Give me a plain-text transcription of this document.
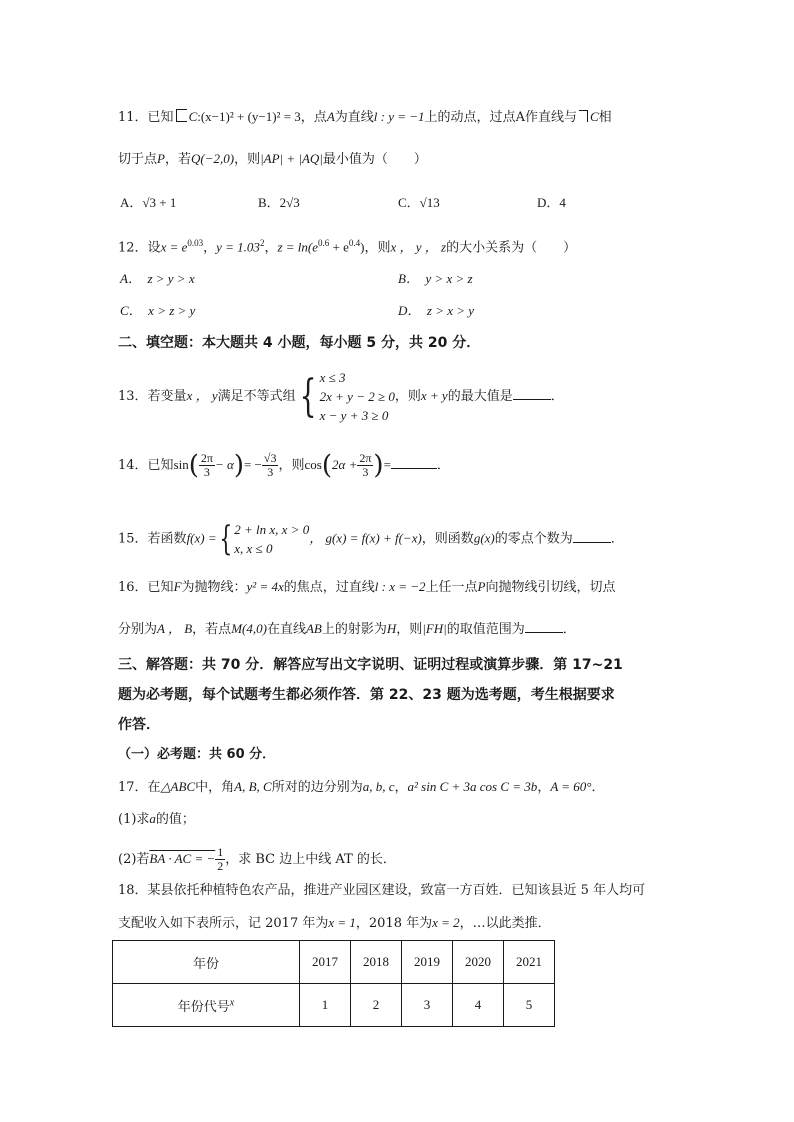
11．已知 C:(x−1)² + (y−1)² = 3，点A为直线l : y = −1上的动点，过点A作直线与 C相
切于点P，若Q(−2,0)，则|AP| + |AQ|最小值为（　　）
A．√3 + 1	B．2√3	C．√13	D．4
12．设$x = e^{0.03}$，$y = 1.03^2$，$z = \ln(e^{0.6} + e^{0.4})$，则x ， y ， z的大小关系为（　　）
A．　z > y > x	B．　y > x > z
C．　x > z > y	D．　z > x > y
二、填空题：本大题共 4 小题，每小题 5 分，共 20 分．
13．若变量x ， y满足不等式组{ x ≤ 3
2x + y − 2 ≥ 0
x − y + 3 ≥ 0
，则x + y的最大值是	．
14．已知$\sin( \frac{2\pi}{3} - \alpha)= - \frac{√3}{3}$ ，则$\cos(2\alpha + \frac{2\pi}{3}$ )=	．
15．若函数f(x) ={ 2 + ln x, x > 0
x, x ≤ 0
， g(x) = f(x) + f(−x)，则函数g(x)的零点个数为	．
16．已知F为抛物线：y² = 4x的焦点，过直线l : x = −2上任一点P向抛物线引切线，切点
分别为A ， B，若点M(4,0)在直线AB上的射影为H，则|FH|的取值范围为	．
三、解答题：共 70 分．解答应写出文字说明、证明过程或演算步骤．第 17~21
题为必考题，每个试题考生都必须作答．第 22、23 题为选考题，考生根据要求
作答．
（一）必考题：共 60 分．
17．在△ABC中，角A, B, C所对的边分别为a, b, c，a² sin C + 3a cos C = 3b，A = 60°．
(1)求a的值；
(2)若BA · AC = − $\frac{1}{2}$ ，求 BC 边上中线 AT 的长．
18．某县依托种植特色农产品，推进产业园区建设，致富一方百姓．已知该县近 5 年人均可
支配收入如下表所示，记 2017 年为x = 1，2018 年为x = 2，…以此类推．
年份	2017	2018	2019	2020	2021
年份代号$^x$	1	2	3	4	5
